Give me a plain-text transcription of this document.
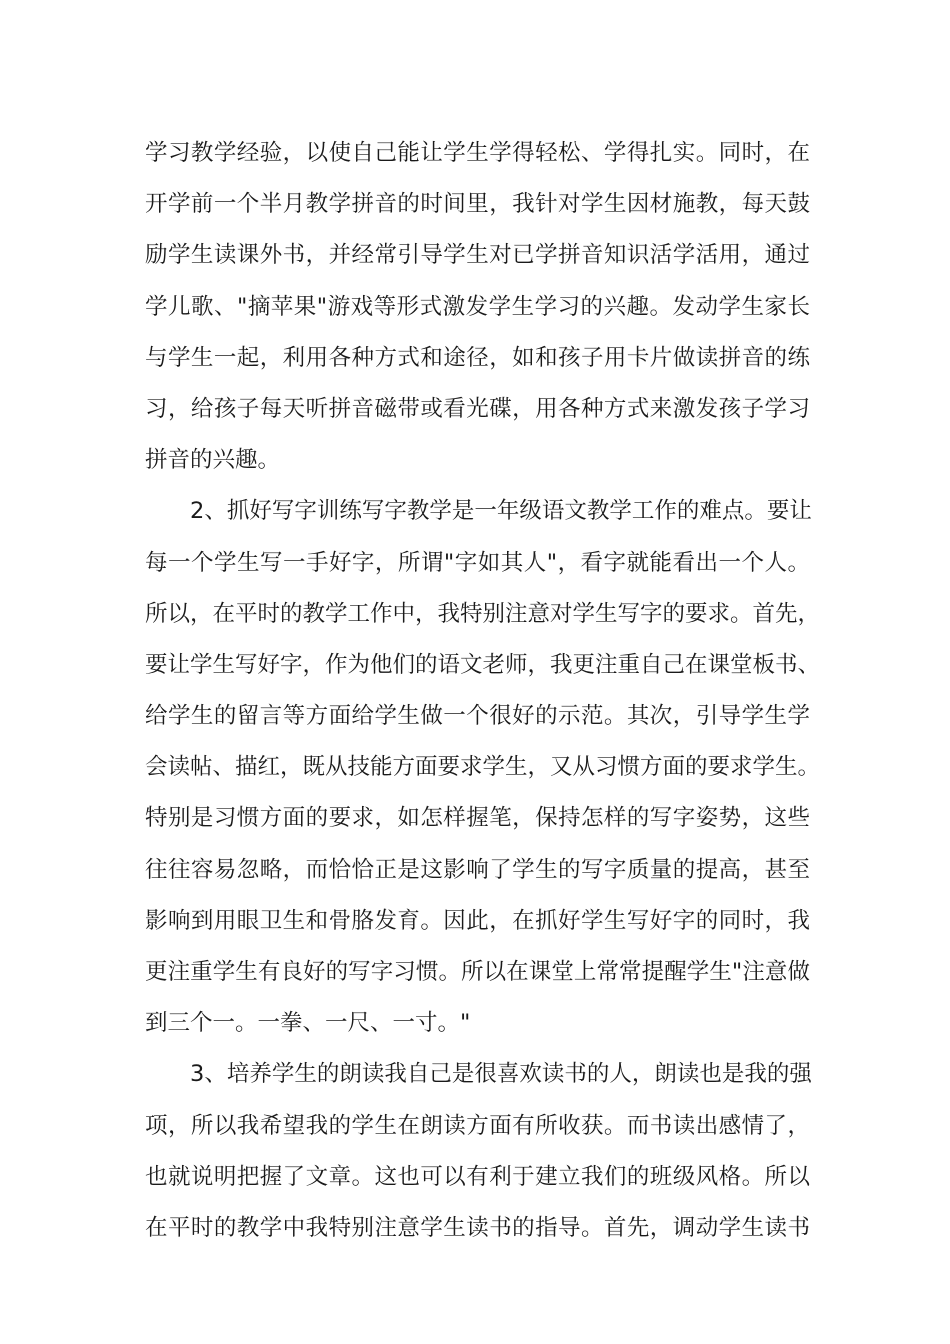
学习教学经验，以使自己能让学生学得轻松、学得扎实。同时，在
开学前一个半月教学拼音的时间里，我针对学生因材施教，每天鼓
励学生读课外书，并经常引导学生对已学拼音知识活学活用，通过
学儿歌、"摘苹果"游戏等形式激发学生学习的兴趣。发动学生家长
与学生一起，利用各种方式和途径，如和孩子用卡片做读拼音的练
习，给孩子每天听拼音磁带或看光碟，用各种方式来激发孩子学习
拼音的兴趣。
2、抓好写字训练写字教学是一年级语文教学工作的难点。要让
每一个学生写一手好字，所谓"字如其人"，看字就能看出一个人。
所以，在平时的教学工作中，我特别注意对学生写字的要求。首先，
要让学生写好字，作为他们的语文老师，我更注重自己在课堂板书、
给学生的留言等方面给学生做一个很好的示范。其次，引导学生学
会读帖、描红，既从技能方面要求学生，又从习惯方面的要求学生。
特别是习惯方面的要求，如怎样握笔，保持怎样的写字姿势，这些
往往容易忽略，而恰恰正是这影响了学生的写字质量的提高，甚至
影响到用眼卫生和骨胳发育。因此，在抓好学生写好字的同时，我
更注重学生有良好的写字习惯。所以在课堂上常常提醒学生"注意做
到三个一。一拳、一尺、一寸。"
3、培养学生的朗读我自己是很喜欢读书的人，朗读也是我的强
项，所以我希望我的学生在朗读方面有所收获。而书读出感情了，
也就说明把握了文章。这也可以有利于建立我们的班级风格。所以
在平时的教学中我特别注意学生读书的指导。首先，调动学生读书
